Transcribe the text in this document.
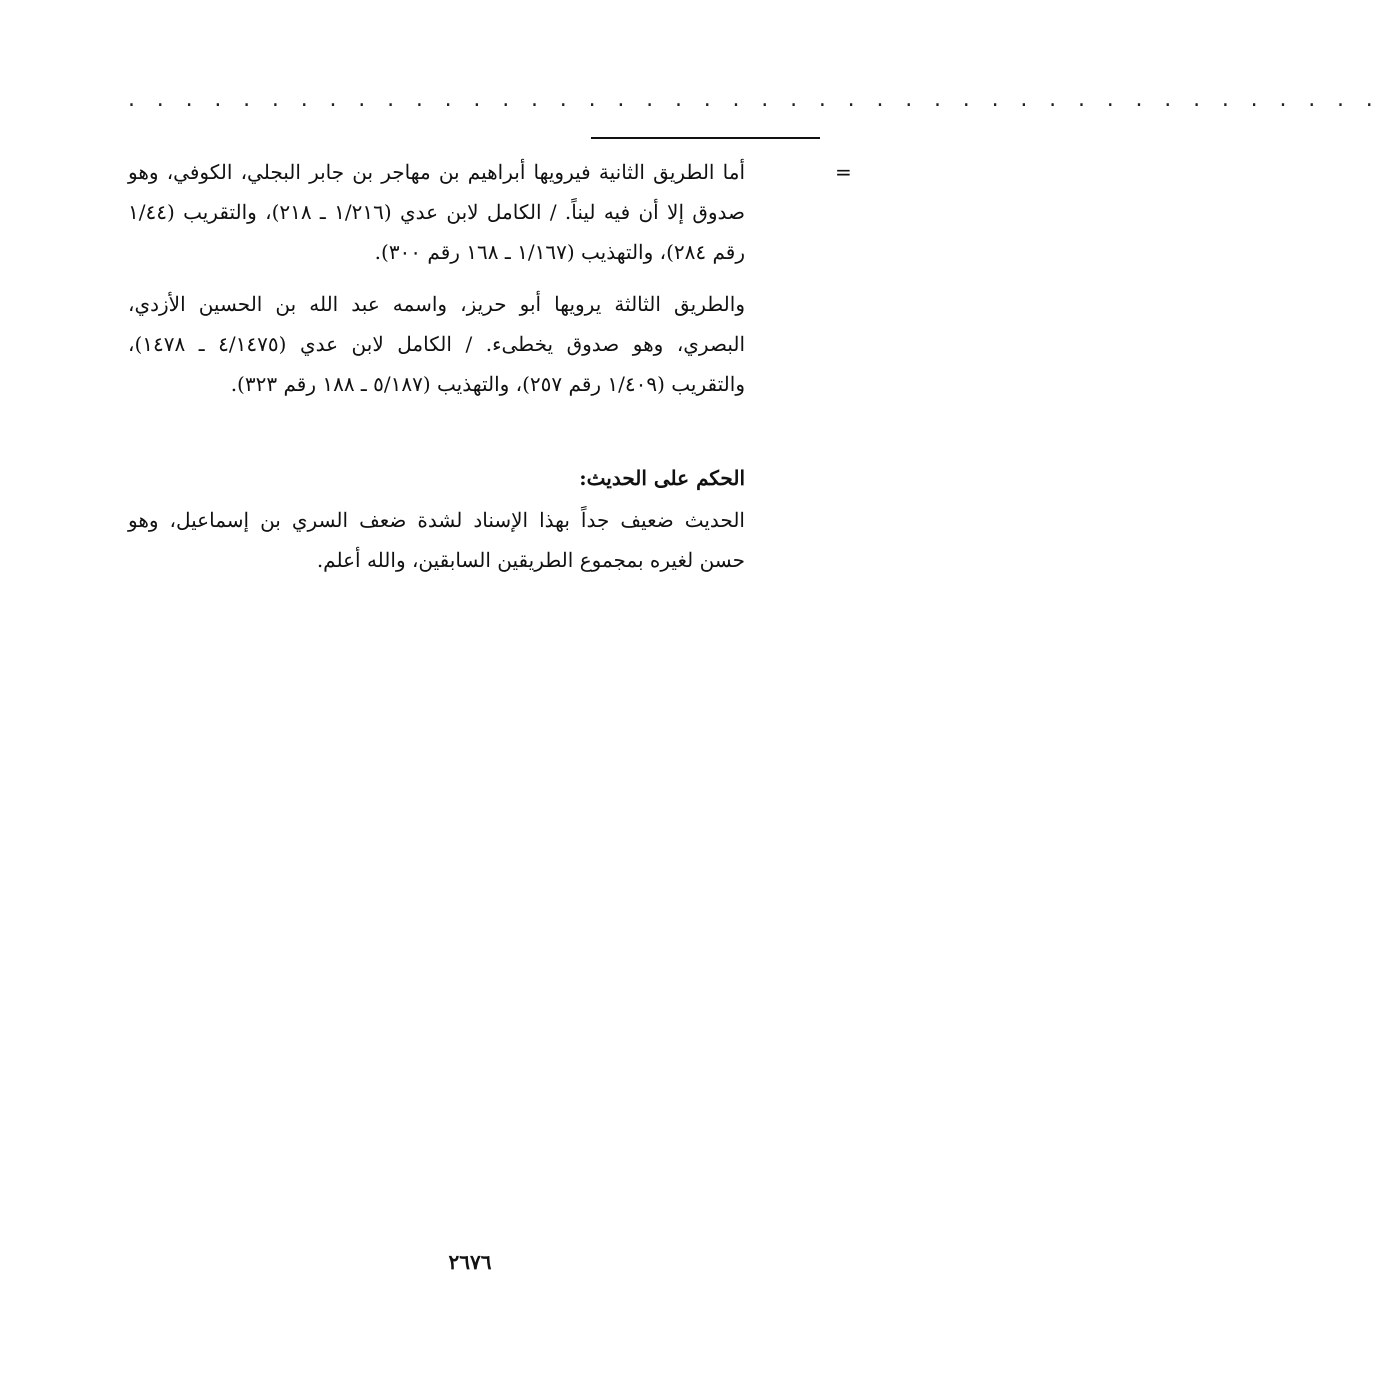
. . . . . . . . . . . . . . . . . . . . . . . . . . . . . . . . . . . . . . . . . . . .
=

أما الطريق الثانية فيرويها أبراهيم بن مهاجر بن جابر البجلي، الكوفي، وهو صدوق إلا أن فيه ليناً. / الكامل لابن عدي (١/٢١٦ ـ ٢١٨)، والتقريب (١/٤٤ رقم ٢٨٤)، والتهذيب (١/١٦٧ ـ ١٦٨ رقم ٣٠٠).

والطريق الثالثة يرويها أبو حريز، واسمه عبد الله بن الحسين الأزدي، البصري، وهو صدوق يخطىء. / الكامل لابن عدي (٤/١٤٧٥ ـ ١٤٧٨)، والتقريب (١/٤٠٩ رقم ٢٥٧)، والتهذيب (٥/١٨٧ ـ ١٨٨ رقم ٣٢٣).

الحكم على الحديث:

الحديث ضعيف جداً بهذا الإسناد لشدة ضعف السري بن إسماعيل، وهو حسن لغيره بمجموع الطريقين السابقين، والله أعلم.

٢٦٧٦
